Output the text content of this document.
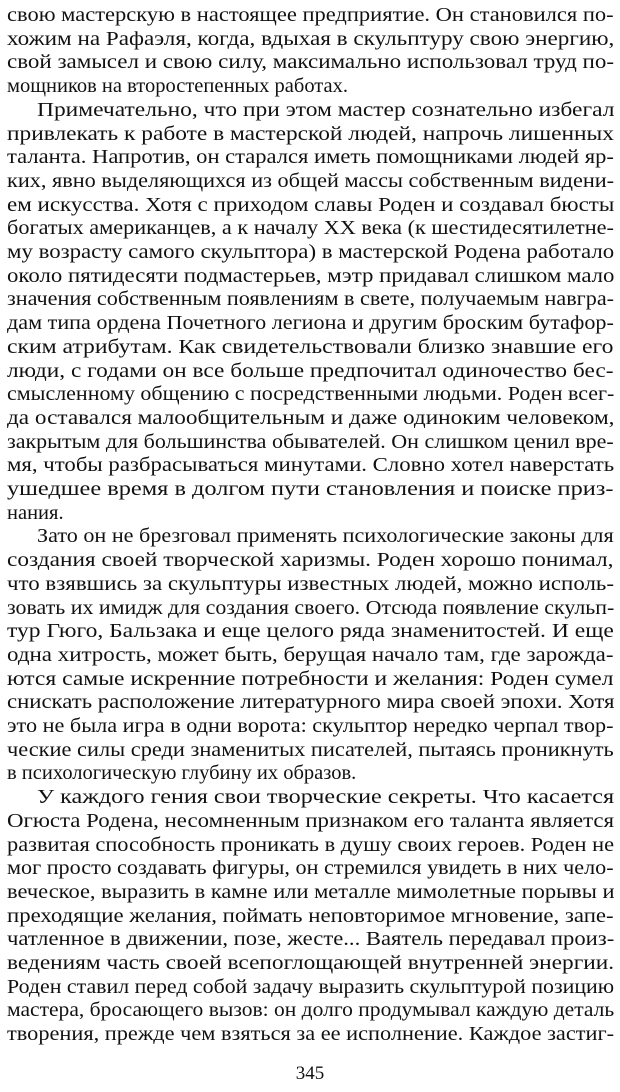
свою мастерскую в настоящее предприятие. Он становился по-
хожим на Рафаэля, когда, вдыхая в скульптуру свою энергию,
свой замысел и свою силу, максимально использовал труд по-
мощников на второстепенных работах.
Примечательно, что при этом мастер сознательно избегал
привлекать к работе в мастерской людей, напрочь лишенных
таланта. Напротив, он старался иметь помощниками людей яр-
ких, явно выделяющихся из общей массы собственным видени-
ем искусства. Хотя с приходом славы Роден и создавал бюсты
богатых американцев, а к началу XX века (к шестидесятилетне-
му возрасту самого скульптора) в мастерской Родена работало
около пятидесяти подмастерьев, мэтр придавал слишком мало
значения собственным появлениям в свете, получаемым навгра-
дам типа ордена Почетного легиона и другим броским бутафор-
ским атрибутам. Как свидетельствовали близко знавшие его
люди, с годами он все больше предпочитал одиночество бес-
смысленному общению с посредственными людьми. Роден всег-
да оставался малообщительным и даже одиноким человеком,
закрытым для большинства обывателей. Он слишком ценил вре-
мя, чтобы разбрасываться минутами. Словно хотел наверстать
ушедшее время в долгом пути становления и поиске приз-
нания.
Зато он не брезговал применять психологические законы для
создания своей творческой харизмы. Роден хорошо понимал,
что взявшись за скульптуры известных людей, можно исполь-
зовать их имидж для создания своего. Отсюда появление скульп-
тур Гюго, Бальзака и еще целого ряда знаменитостей. И еще
одна хитрость, может быть, берущая начало там, где зарожда-
ются самые искренние потребности и желания: Роден сумел
снискать расположение литературного мира своей эпохи. Хотя
это не была игра в одни ворота: скульптор нередко черпал твор-
ческие силы среди знаменитых писателей, пытаясь проникнуть
в психологическую глубину их образов.
У каждого гения свои творческие секреты. Что касается
Огюста Родена, несомненным признаком его таланта является
развитая способность проникать в душу своих героев. Роден не
мог просто создавать фигуры, он стремился увидеть в них чело-
веческое, выразить в камне или металле мимолетные порывы и
преходящие желания, поймать неповторимое мгновение, запе-
чатленное в движении, позе, жесте... Ваятель передавал произ-
ведениям часть своей всепоглощающей внутренней энергии.
Роден ставил перед собой задачу выразить скульптурой позицию
мастера, бросающего вызов: он долго продумывал каждую деталь
творения, прежде чем взяться за ее исполнение. Каждое застиг-
345
